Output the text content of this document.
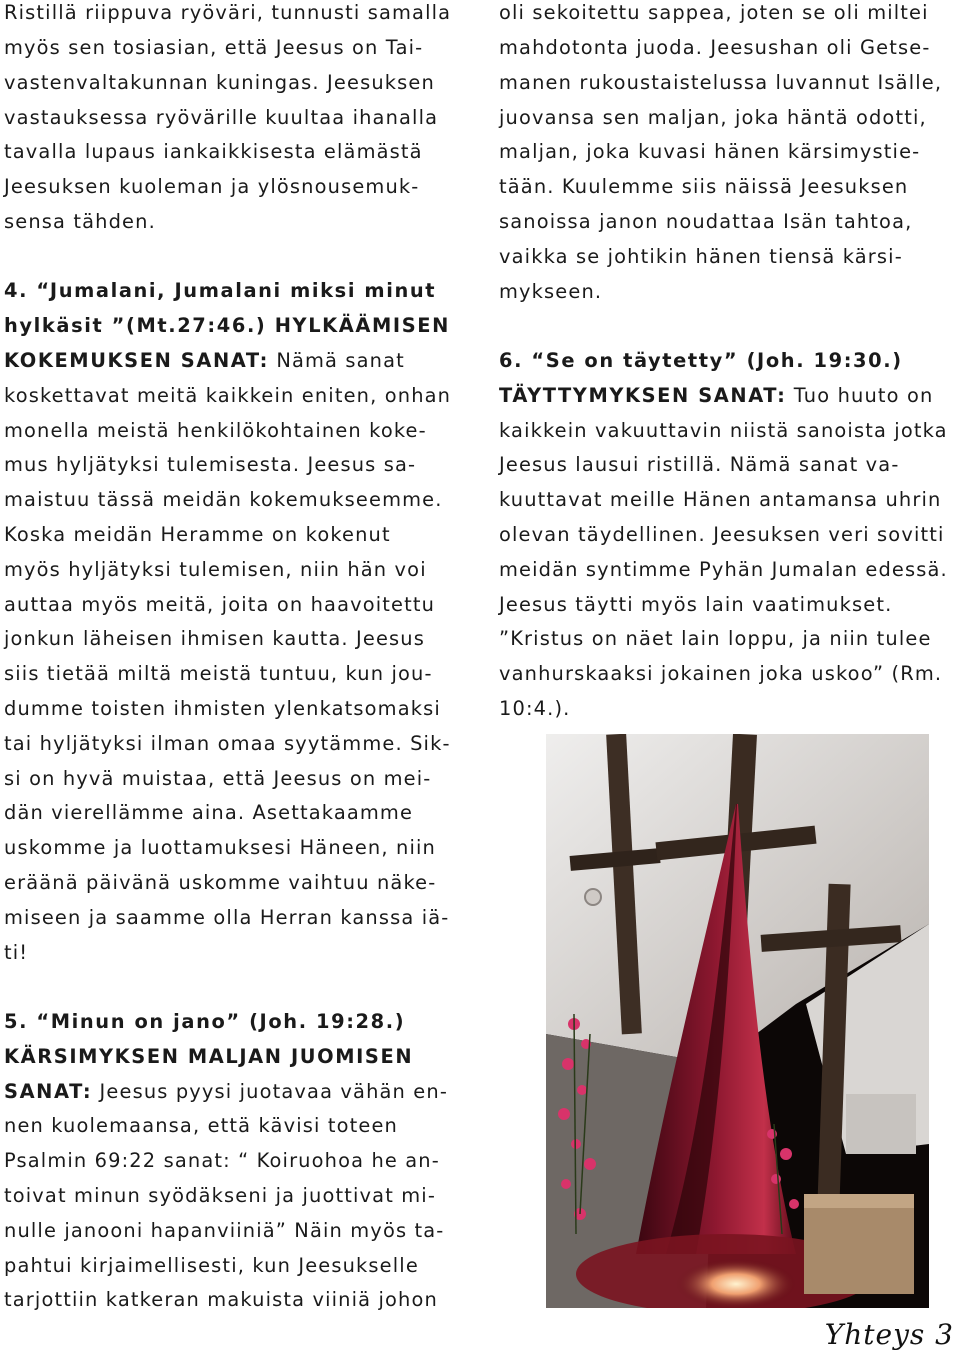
Ristillä riippuva ryöväri, tunnusti samalla
myös sen tosiasian, että Jeesus on Tai-
vastenvaltakunnan kuningas. Jeesuksen
vastauksessa ryövärille kuultaa ihanalla
tavalla lupaus iankaikkisesta elämästä
Jeesuksen kuoleman ja ylösnousemuk-
sensa tähden.
4. “Jumalani, Jumalani miksi minut
hylkäsit ”(Mt.27:46.) HYLKÄÄMISEN
KOKEMUKSEN SANAT: Nämä sanat
koskettavat meitä kaikkein eniten, onhan
monella meistä henkilökohtainen koke-
mus hyljätyksi tulemisesta. Jeesus sa-
maistuu tässä meidän kokemukseemme.
Koska meidän Heramme on kokenut
myös hyljätyksi tulemisen, niin hän voi
auttaa myös meitä, joita on haavoitettu
jonkun läheisen ihmisen kautta. Jeesus
siis tietää miltä meistä tuntuu, kun jou-
dumme toisten ihmisten ylenkatsomaksi
tai hyljätyksi ilman omaa syytämme. Sik-
si on hyvä muistaa, että Jeesus on mei-
dän vierellämme aina. Asettakaamme
uskomme ja luottamuksesi Häneen, niin
eräänä päivänä uskomme vaihtuu näke-
miseen ja saamme olla Herran kanssa iä-
ti!
5. “Minun on jano” (Joh. 19:28.)
KÄRSIMYKSEN MALJAN JUOMISEN
SANAT: Jeesus pyysi juotavaa vähän en-
nen kuolemaansa, että kävisi toteen
Psalmin 69:22 sanat: “ Koiruohoa he an-
toivat minun syödäkseni ja juottivat mi-
nulle janooni hapanviiniä” Näin myös ta-
pahtui kirjaimellisesti, kun Jeesukselle
tarjottiin katkeran makuista viiniä johon
oli sekoitettu sappea, joten se oli miltei
mahdotonta juoda. Jeesushan oli Getse-
manen rukoustaistelussa luvannut Isälle,
juovansa sen maljan, joka häntä odotti,
maljan, joka kuvasi hänen kärsimystie-
tään. Kuulemme siis näissä Jeesuksen
sanoissa janon noudattaa Isän tahtoa,
vaikka se johtikin hänen tiensä kärsi-
mykseen.
6. “Se on täytetty” (Joh. 19:30.)
TÄYTTYMYKSEN SANAT: Tuo huuto on
kaikkein vakuuttavin niistä sanoista jotka
Jeesus lausui ristillä. Nämä sanat va-
kuuttavat meille Hänen antamansa uhrin
olevan täydellinen. Jeesuksen veri sovitti
meidän syntimme Pyhän Jumalan edessä.
Jeesus täytti myös lain vaatimukset.
”Kristus on näet lain loppu, ja niin tulee
vanhurskaaksi jokainen joka uskoo” (Rm.
10:4.).
Yhteys 3
